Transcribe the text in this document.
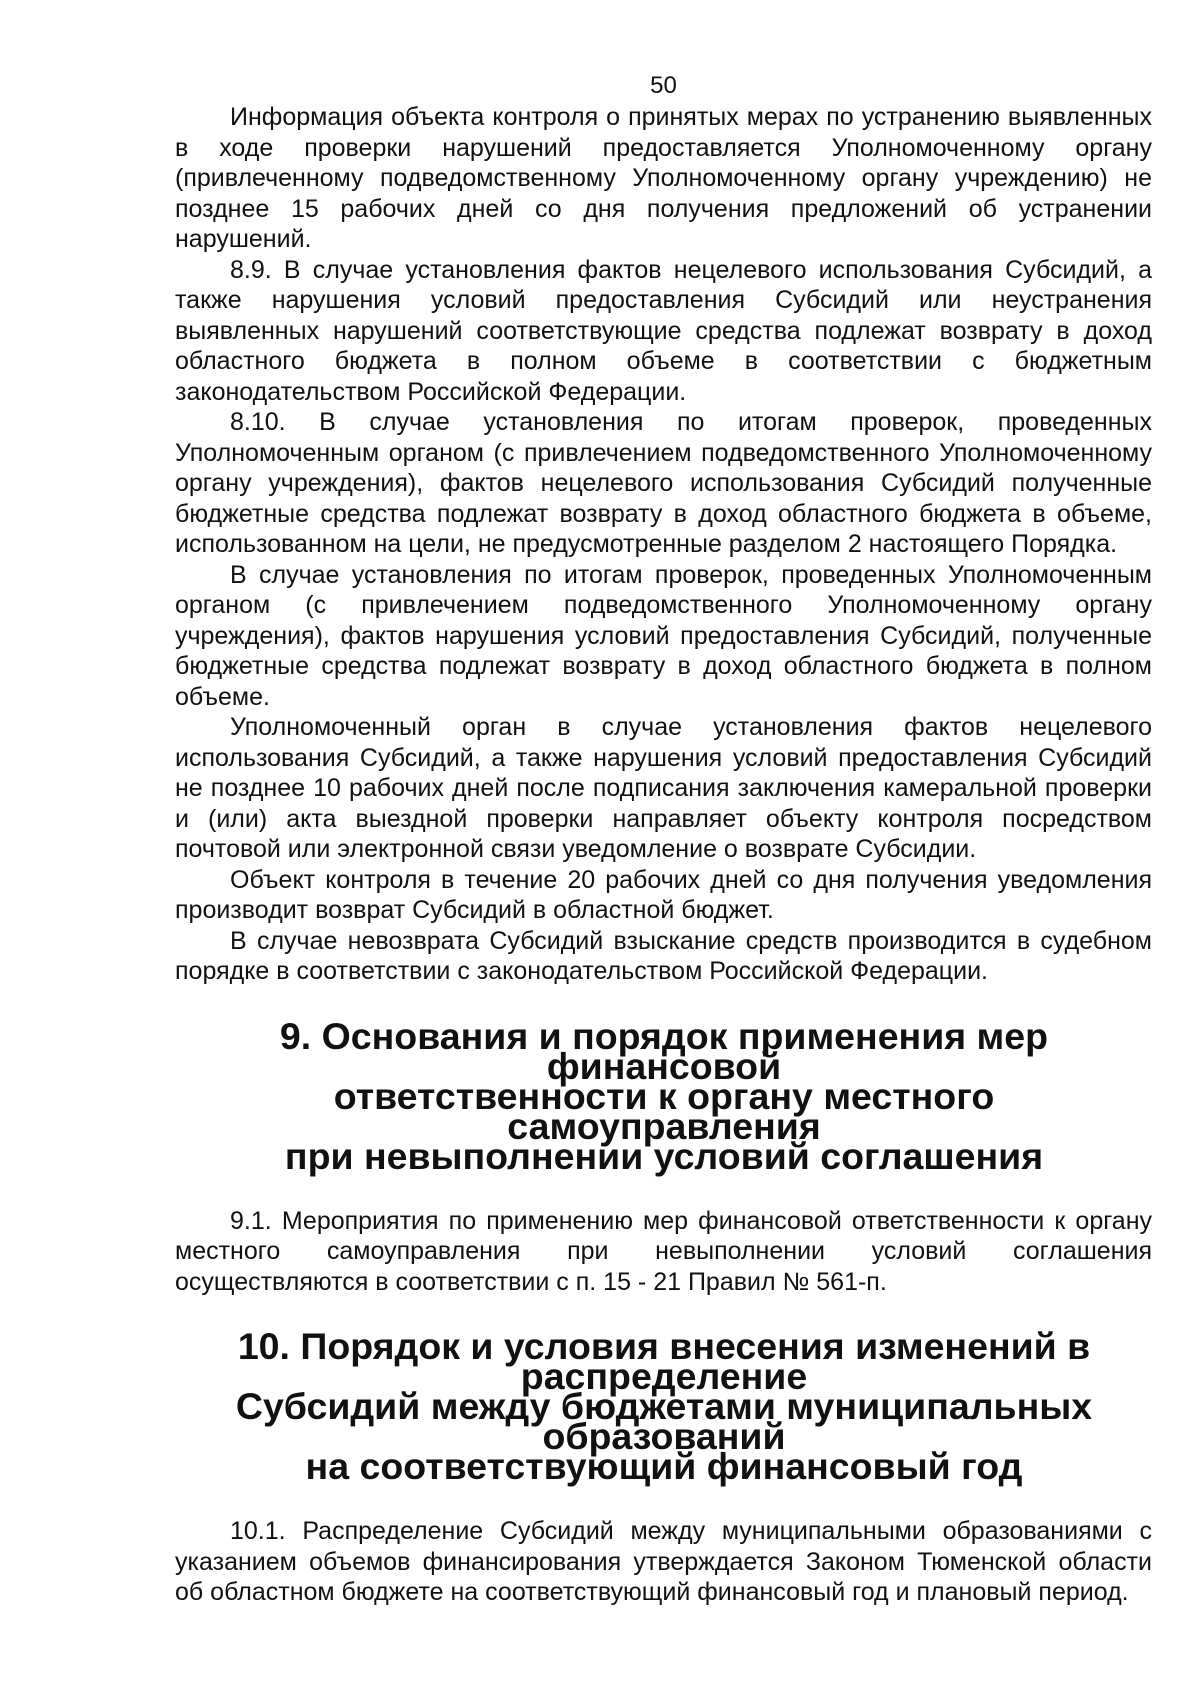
50

Информация объекта контроля о принятых мерах по устранению выявленных в ходе проверки нарушений предоставляется Уполномоченному органу (привлеченному подведомственному Уполномоченному органу учреждению) не позднее 15 рабочих дней со дня получения предложений об устранении нарушений.

8.9. В случае установления фактов нецелевого использования Субсидий, а также нарушения условий предоставления Субсидий или неустранения выявленных нарушений соответствующие средства подлежат возврату в доход областного бюджета в полном объеме в соответствии с бюджетным законодательством Российской Федерации.

8.10. В случае установления по итогам проверок, проведенных Уполномоченным органом (с привлечением подведомственного Уполномоченному органу учреждения), фактов нецелевого использования Субсидий полученные бюджетные средства подлежат возврату в доход областного бюджета в объеме, использованном на цели, не предусмотренные разделом 2 настоящего Порядка.

В случае установления по итогам проверок, проведенных Уполномоченным органом (с привлечением подведомственного Уполномоченному органу учреждения), фактов нарушения условий предоставления Субсидий, полученные бюджетные средства подлежат возврату в доход областного бюджета в полном объеме.

Уполномоченный орган в случае установления фактов нецелевого использования Субсидий, а также нарушения условий предоставления Субсидий не позднее 10 рабочих дней после подписания заключения камеральной проверки и (или) акта выездной проверки направляет объекту контроля посредством почтовой или электронной связи уведомление о возврате Субсидии.

Объект контроля в течение 20 рабочих дней со дня получения уведомления производит возврат Субсидий в областной бюджет.

В случае невозврата Субсидий взыскание средств производится в судебном порядке в соответствии с законодательством Российской Федерации.

9. Основания и порядок применения мер финансовой
ответственности к органу местного самоуправления
при невыполнении условий соглашения

9.1. Мероприятия по применению мер финансовой ответственности к органу местного самоуправления при невыполнении условий соглашения осуществляются в соответствии с п. 15 - 21 Правил № 561-п.

10. Порядок и условия внесения изменений в распределение
Субсидий между бюджетами муниципальных образований
на соответствующий финансовый год

10.1. Распределение Субсидий между муниципальными образованиями с указанием объемов финансирования утверждается Законом Тюменской области об областном бюджете на соответствующий финансовый год и плановый период.
